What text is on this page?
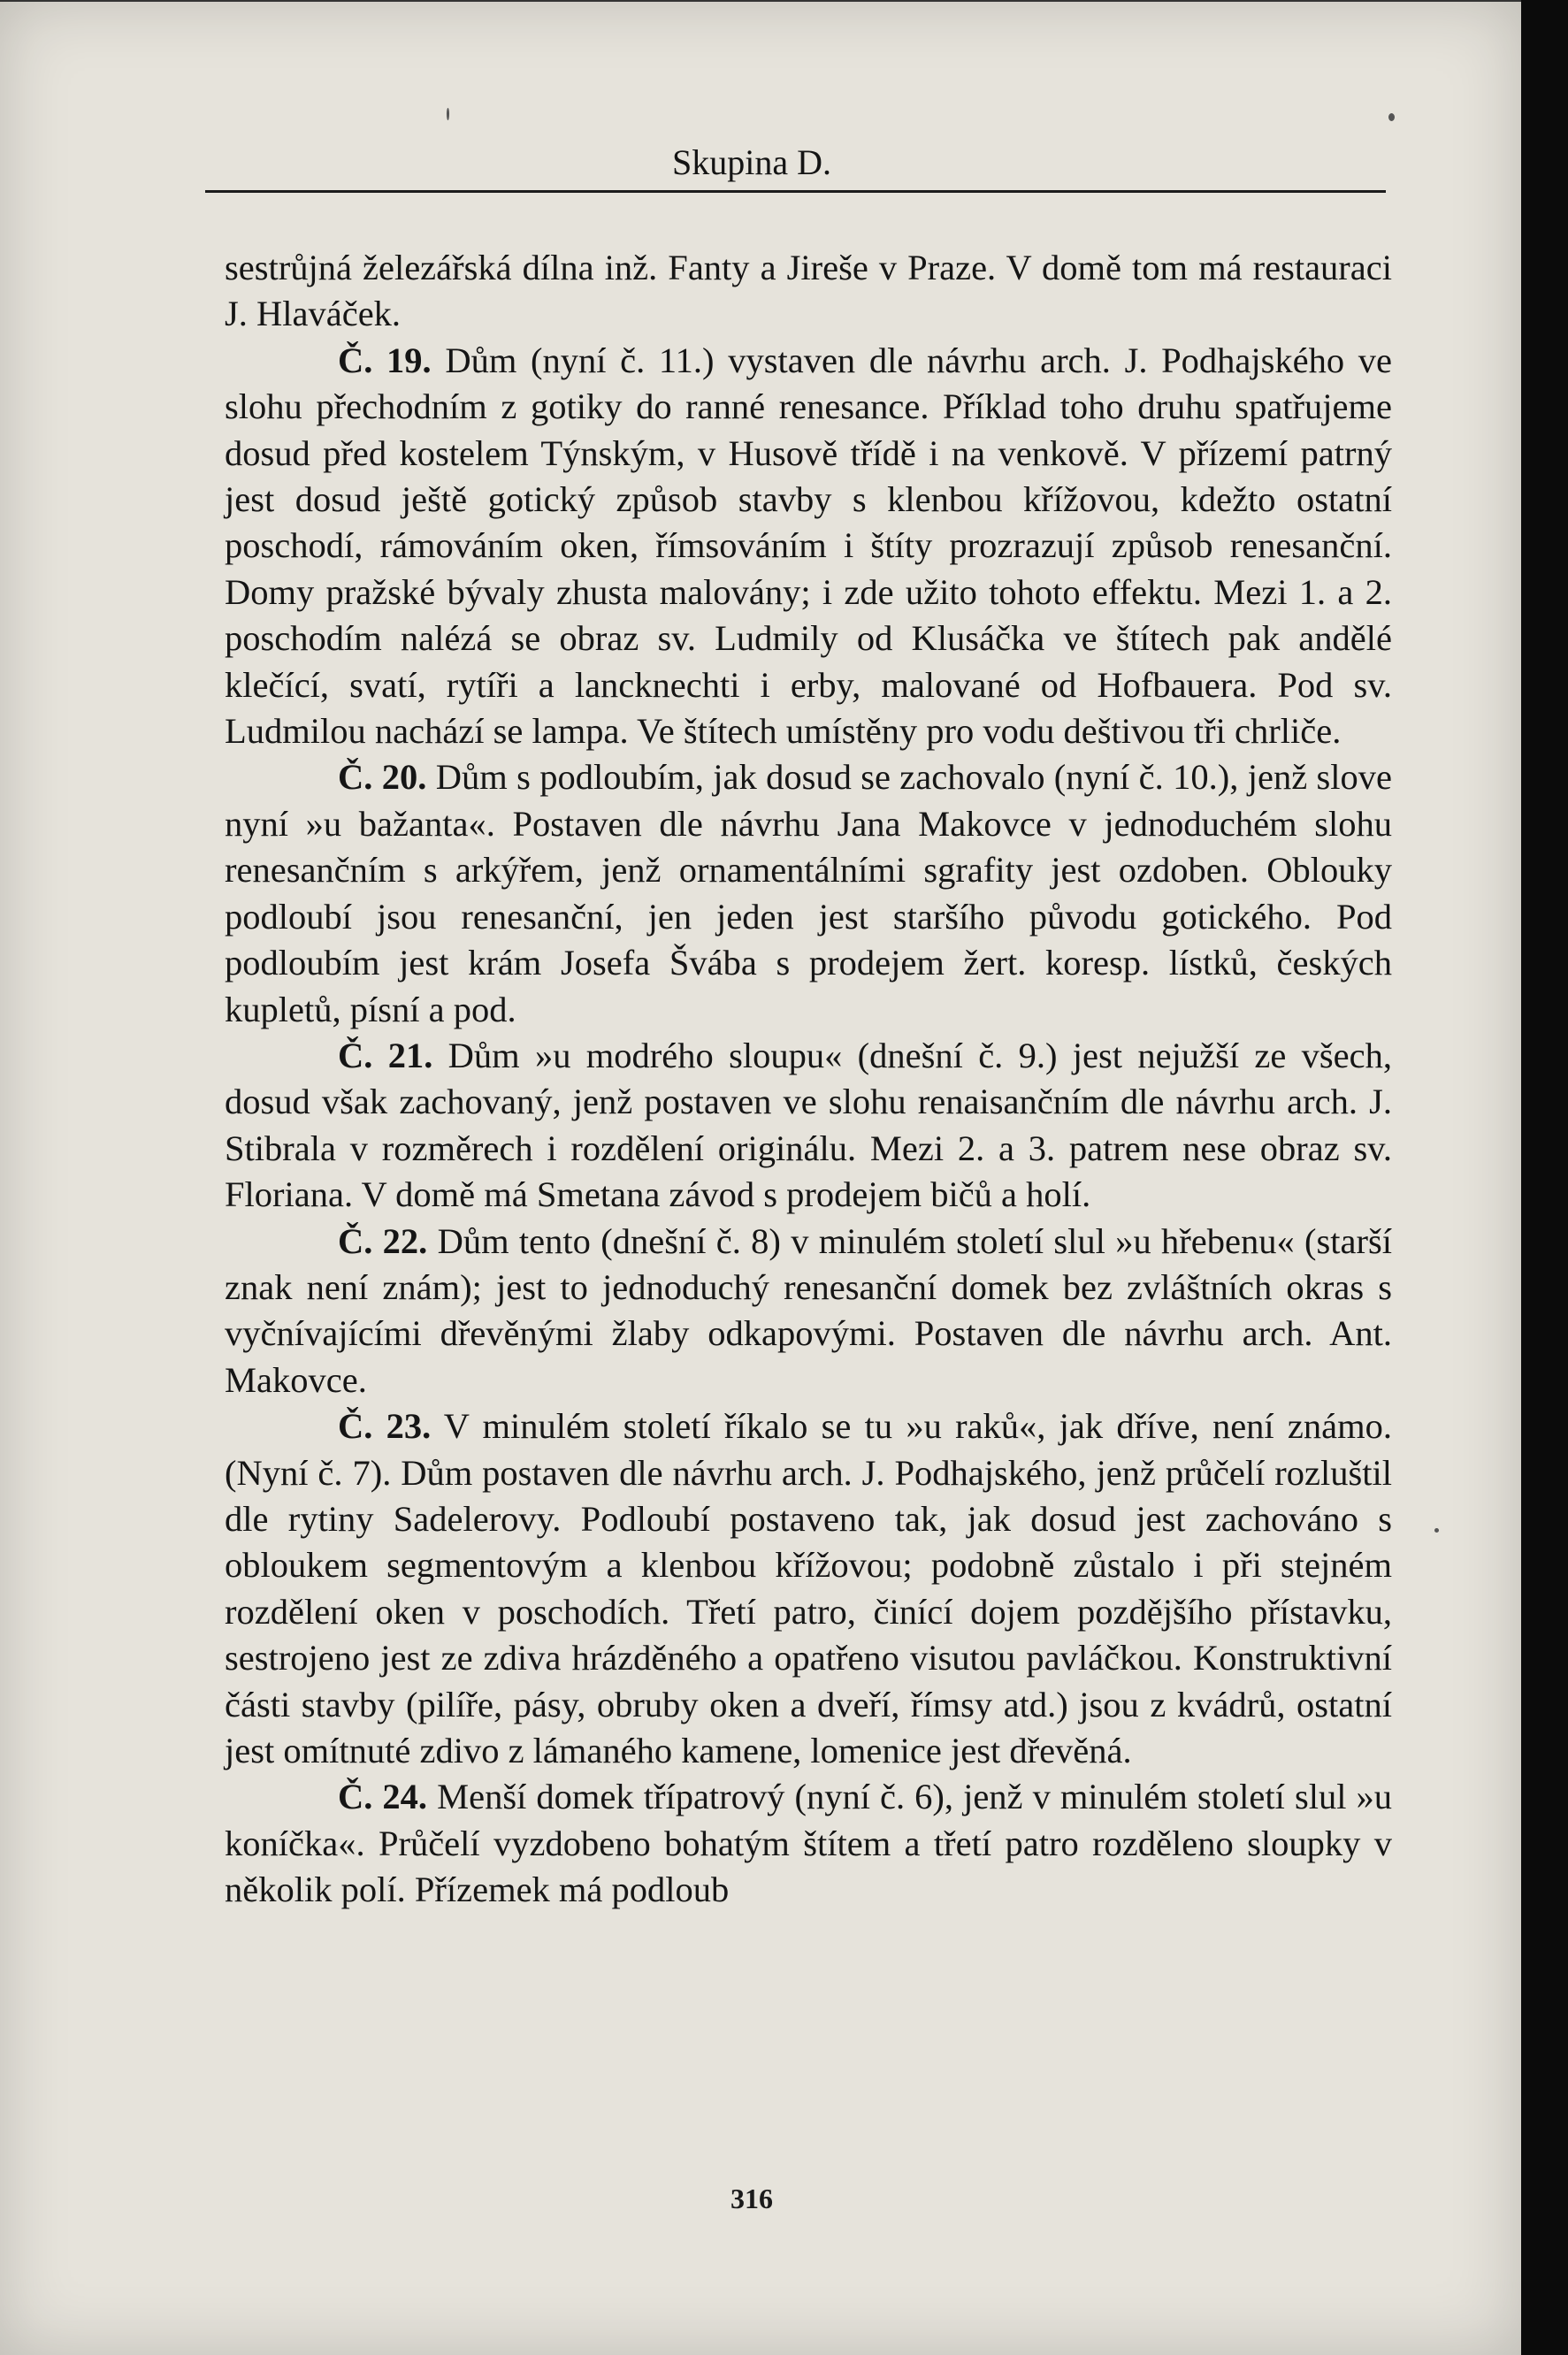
Skupina D.

sestrůjná železářská dílna inž. Fanty a Jireše v Praze. V domě tom má restauraci J. Hlaváček.

Č. 19. Dům (nyní č. 11.) vystaven dle návrhu arch. J. Podhajského ve slohu přechodním z gotiky do ranné renesance. Příklad toho druhu spatřujeme dosud před kostelem Týnským, v Husově třídě i na venkově. V přízemí patrný jest dosud ještě gotický způsob stavby s klenbou křížovou, kdežto ostatní poschodí, rámováním oken, římsováním i štíty prozrazují způsob renesanční. Domy pražské bývaly zhusta malovány; i zde užito tohoto effektu. Mezi 1. a 2. poschodím nalézá se obraz sv. Ludmily od Klusáčka ve štítech pak andělé klečící, svatí, rytíři a lancknechti i erby, malované od Hofbauera. Pod sv. Ludmilou nachází se lampa. Ve štítech umístěny pro vodu deštivou tři chrliče.

Č. 20. Dům s podloubím, jak dosud se zachovalo (nyní č. 10.), jenž slove nyní »u bažanta«. Postaven dle návrhu Jana Makovce v jednoduchém slohu renesančním s arkýřem, jenž ornamentálními sgrafity jest ozdoben. Oblouky podloubí jsou renesanční, jen jeden jest staršího původu gotického. Pod podloubím jest krám Josefa Švába s prodejem žert. koresp. lístků, českých kupletů, písní a pod.

Č. 21. Dům »u modrého sloupu« (dnešní č. 9.) jest nejužší ze všech, dosud však zachovaný, jenž postaven ve slohu renaisančním dle návrhu arch. J. Stibrala v rozměrech i rozdělení originálu. Mezi 2. a 3. patrem nese obraz sv. Floriana. V domě má Smetana závod s prodejem bičů a holí.

Č. 22. Dům tento (dnešní č. 8) v minulém století slul »u hřebenu« (starší znak není znám); jest to jednoduchý renesanční domek bez zvláštních okras s vyčnívajícími dřevěnými žlaby odkapovými. Postaven dle návrhu arch. Ant. Makovce.

Č. 23. V minulém století říkalo se tu »u raků«, jak dříve, není známo. (Nyní č. 7). Dům postaven dle návrhu arch. J. Podhajského, jenž průčelí rozluštil dle rytiny Sadelerovy. Podloubí postaveno tak, jak dosud jest zachováno s obloukem segmentovým a klenbou křížovou; podobně zůstalo i při stejném rozdělení oken v poschodích. Třetí patro, činící dojem pozdějšího přístavku, sestrojeno jest ze zdiva hrázděného a opatřeno visutou pavláčkou. Konstruktivní části stavby (pilíře, pásy, obruby oken a dveří, římsy atd.) jsou z kvádrů, ostatní jest omítnuté zdivo z lámaného kamene, lomenice jest dřevěná.

Č. 24. Menší domek třípatrový (nyní č. 6), jenž v minulém století slul »u koníčka«. Průčelí vyzdobeno bohatým štítem a třetí patro rozděleno sloupky v několik polí. Přízemek má podloub

316
